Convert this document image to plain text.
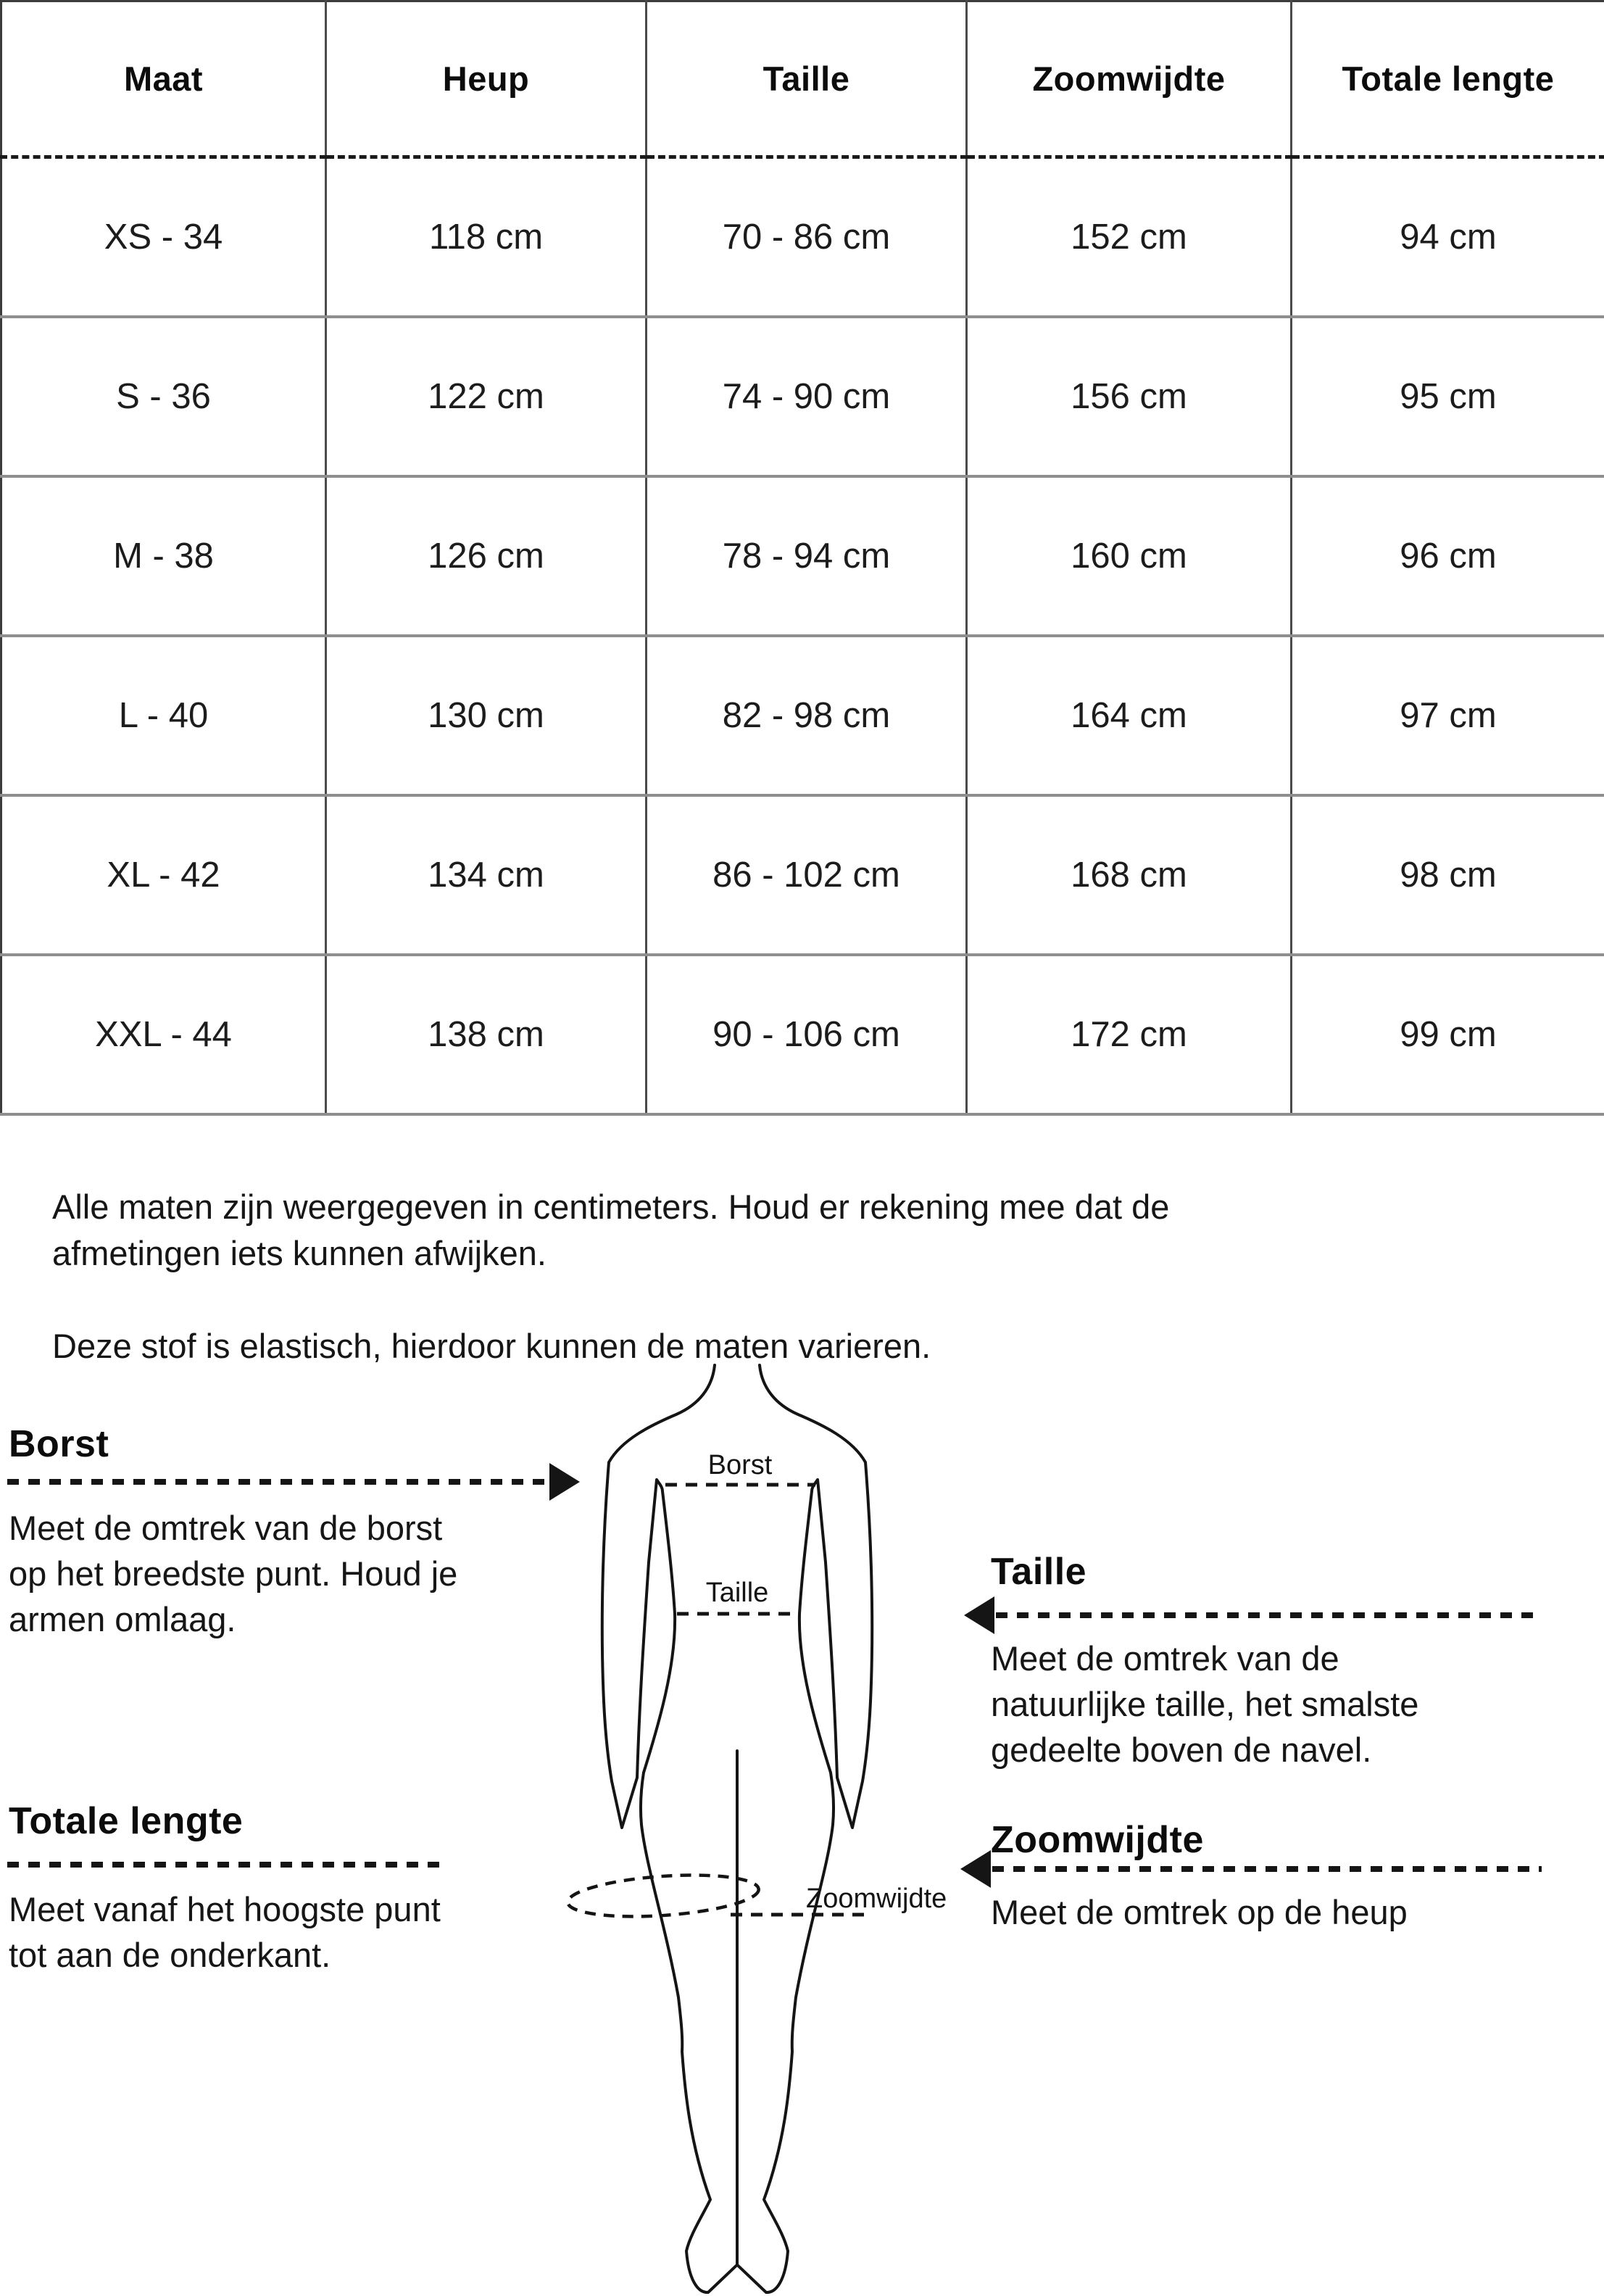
Maat	Heup	Taille	Zoomwijdte	Totale lengte
XS - 34	118 cm	70 - 86 cm	152 cm	94 cm
S - 36	122 cm	74 - 90 cm	156 cm	95 cm
M - 38	126 cm	78 - 94 cm	160 cm	96 cm
L - 40	130 cm	82 - 98 cm	164 cm	97 cm
XL - 42	134 cm	86 - 102 cm	168 cm	98 cm
XXL - 44	138 cm	90 - 106 cm	172 cm	99 cm

Alle maten zijn weergegeven in centimeters. Houd er rekening mee dat de afmetingen iets kunnen afwijken.

Deze stof is elastisch, hierdoor kunnen de maten varieren.

Borst
Meet de omtrek van de borst op het breedste punt. Houd je armen omlaag.
Totale lengte
Meet vanaf het hoogste punt tot aan de onderkant.
Taille
Meet de omtrek van de natuurlijke taille, het smalste gedeelte boven de navel.
Zoomwijdte
Meet de omtrek op de heup
Borst
Taille
Zoomwijdte
